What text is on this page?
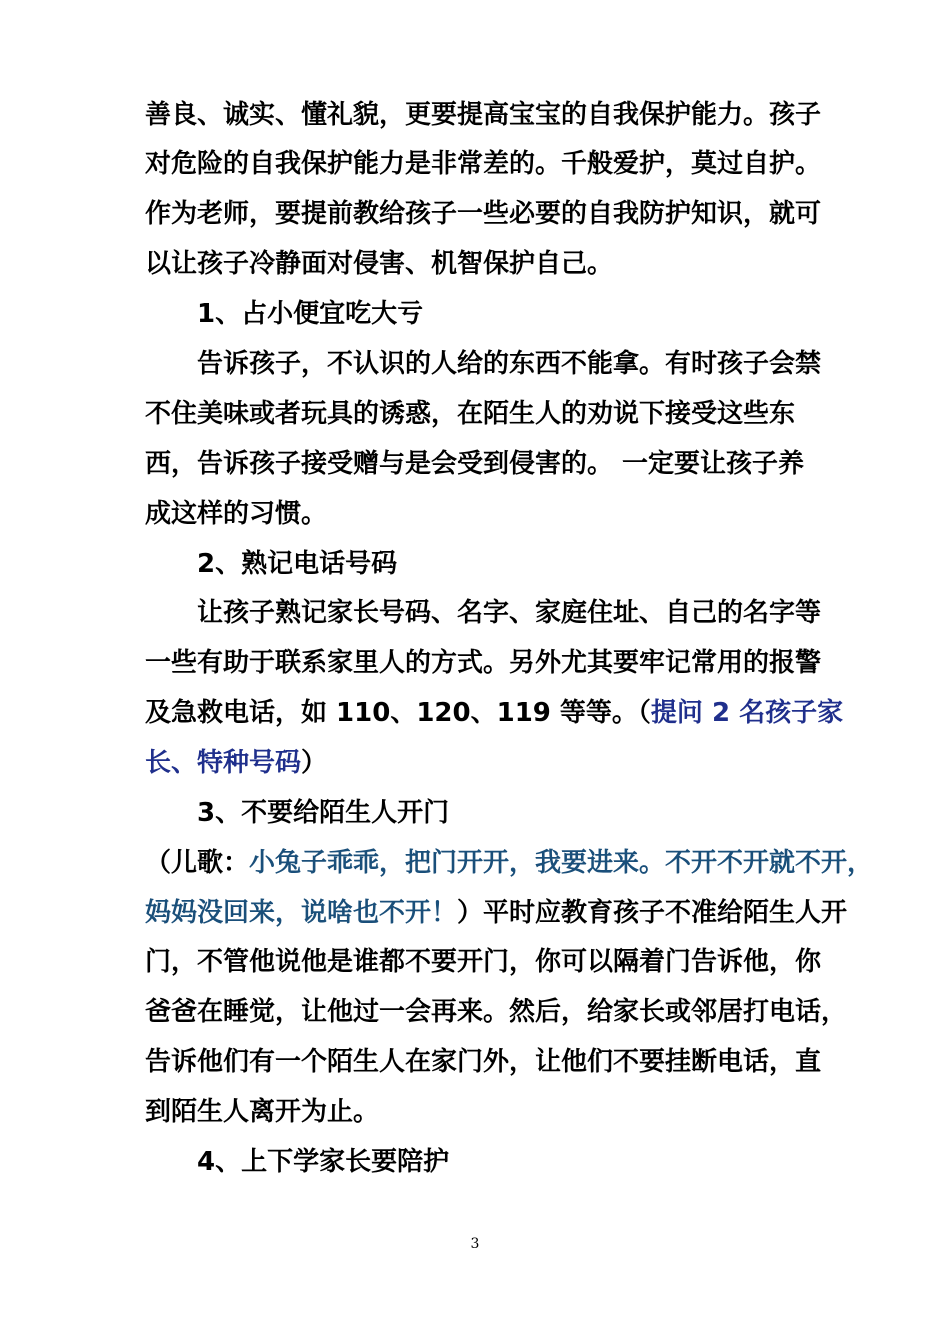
善良、诚实、懂礼貌，更要提高宝宝的自我保护能力。孩子
对危险的自我保护能力是非常差的。千般爱护，莫过自护。
作为老师，要提前教给孩子一些必要的自我防护知识，就可
以让孩子冷静面对侵害、机智保护自己。
1、占小便宜吃大亏
告诉孩子，不认识的人给的东西不能拿。有时孩子会禁
不住美味或者玩具的诱惑，在陌生人的劝说下接受这些东
西，告诉孩子接受赠与是会受到侵害的。 一定要让孩子养
成这样的习惯。
2、熟记电话号码
让孩子熟记家长号码、名字、家庭住址、自己的名字等
一些有助于联系家里人的方式。另外尤其要牢记常用的报警
及急救电话，如 110、120、119 等等。（提问 2 名孩子家
长、特种号码）
3、不要给陌生人开门
（儿歌：小兔子乖乖，把门开开，我要进来。不开不开就不开，
妈妈没回来，说啥也不开！）平时应教育孩子不准给陌生人开
门，不管他说他是谁都不要开门，你可以隔着门告诉他，你
爸爸在睡觉，让他过一会再来。然后，给家长或邻居打电话，
告诉他们有一个陌生人在家门外，让他们不要挂断电话，直
到陌生人离开为止。
4、上下学家长要陪护
3
